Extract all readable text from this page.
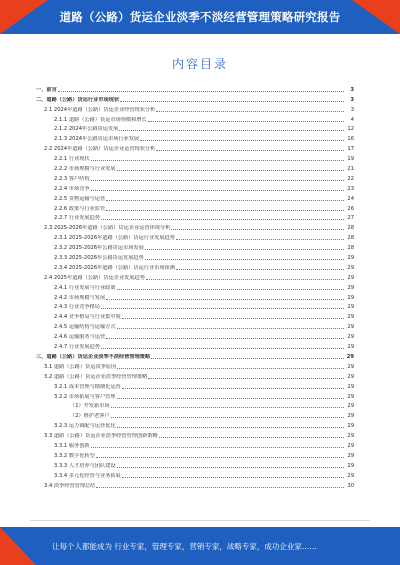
道路（公路）货运企业淡季不淡经营管理策略研究报告
内容目录
一、前言	3
二、道路（公路）货运行业市场现状	3
2.1 2024年道路（公路）货运企业经营现状分析	3
2.1.1 道路（公路）货运市场规模和增长	4
2.1.2 2024年公路货运发展	12
2.1.3 2024年公路货运市场行业发展	16
2.2 2024年道路（公路）货运企业运营现状分析	17
2.2.1 行业现状	19
2.2.2 市场规模与行业发展	21
2.2.3 客户结构	22
2.2.4 市场竞争	23
2.2.5 货物运输与运营	24
2.2.6 政策与行业监管	26
2.2.7 行业发展趋势	27
2.3 2025-2026年道路（公路）货运企业运营环境分析	28
2.3.1 2025-2026年道路（公路）货运行业发展趋势	28
2.3.2 2025-2026年公路货运市场发展	28
2.3.3 2025-2026年公路货运发展趋势	29
2.3.4 2025-2026年道路（公路）货运行业市场预测	29
2.4 2025年道路（公路）货运企业发展趋势	29
2.4.1 行业发展与行业政策	29
2.4.2 市场规模与发展	29
2.4.3 行业竞争格局	29
2.4.4 竞争格局与行业集中度	29
2.4.5 运输结构与运输方式	29
2.4.6 运输服务与运营	29
2.4.7 行业发展趋势	29
三、道路（公路）货运企业淡季不淡经营管理策略	29
3.1 道路（公路）货运淡季原因	29
3.2 道路（公路）货运企业淡季经营管理策略	29
3.2.1 成本管理与精细化运营	29
3.2.2 市场拓展与客户管理	29
（1）开发新市场	29
（2）维护老客户	29
3.2.3 运力调配与运营优化	29
3.3 道路（公路）货运企业淡季经营管理创新策略	29
3.3.1 服务创新	29
3.3.2 数字化转型	29
3.3.3 人才培养与团队建设	29
3.3.4 多元化经营与业务拓展	29
3.4 淡季经营管理总结	30
让每个人都能成为 行业专家，管理专家，营销专家，战略专家，成功企业家……
